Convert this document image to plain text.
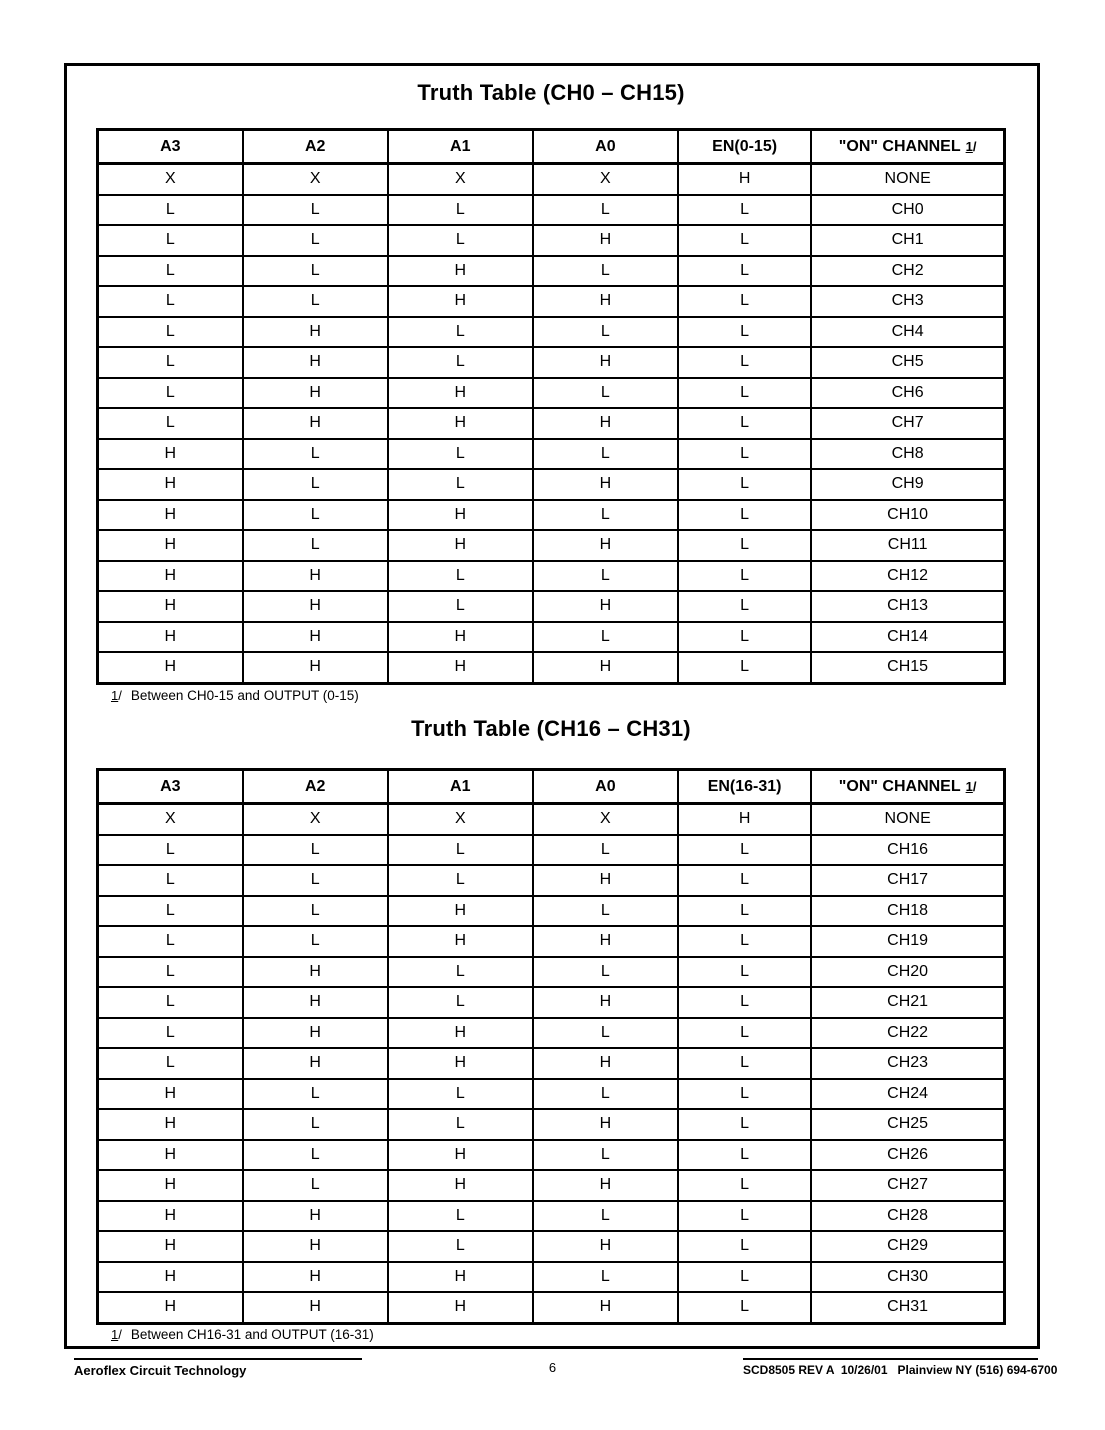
Truth Table (CH0 – CH15)
A3	A2	A1	A0	EN(0-15)	"ON" CHANNEL 1/
X	X	X	X	H	NONE
L	L	L	L	L	CH0
L	L	L	H	L	CH1
L	L	H	L	L	CH2
L	L	H	H	L	CH3
L	H	L	L	L	CH4
L	H	L	H	L	CH5
L	H	H	L	L	CH6
L	H	H	H	L	CH7
H	L	L	L	L	CH8
H	L	L	H	L	CH9
H	L	H	L	L	CH10
H	L	H	H	L	CH11
H	H	L	L	L	CH12
H	H	L	H	L	CH13
H	H	H	L	L	CH14
H	H	H	H	L	CH15
1/ Between CH0-15 and OUTPUT (0-15)
Truth Table (CH16 – CH31)
A3	A2	A1	A0	EN(16-31)	"ON" CHANNEL 1/
X	X	X	X	H	NONE
L	L	L	L	L	CH16
L	L	L	H	L	CH17
L	L	H	L	L	CH18
L	L	H	H	L	CH19
L	H	L	L	L	CH20
L	H	L	H	L	CH21
L	H	H	L	L	CH22
L	H	H	H	L	CH23
H	L	L	L	L	CH24
H	L	L	H	L	CH25
H	L	H	L	L	CH26
H	L	H	H	L	CH27
H	H	L	L	L	CH28
H	H	L	H	L	CH29
H	H	H	L	L	CH30
H	H	H	H	L	CH31
1/ Between CH16-31 and OUTPUT (16-31)
Aeroflex Circuit Technology	6	SCD8505 REV A  10/26/01   Plainview NY (516) 694-6700
